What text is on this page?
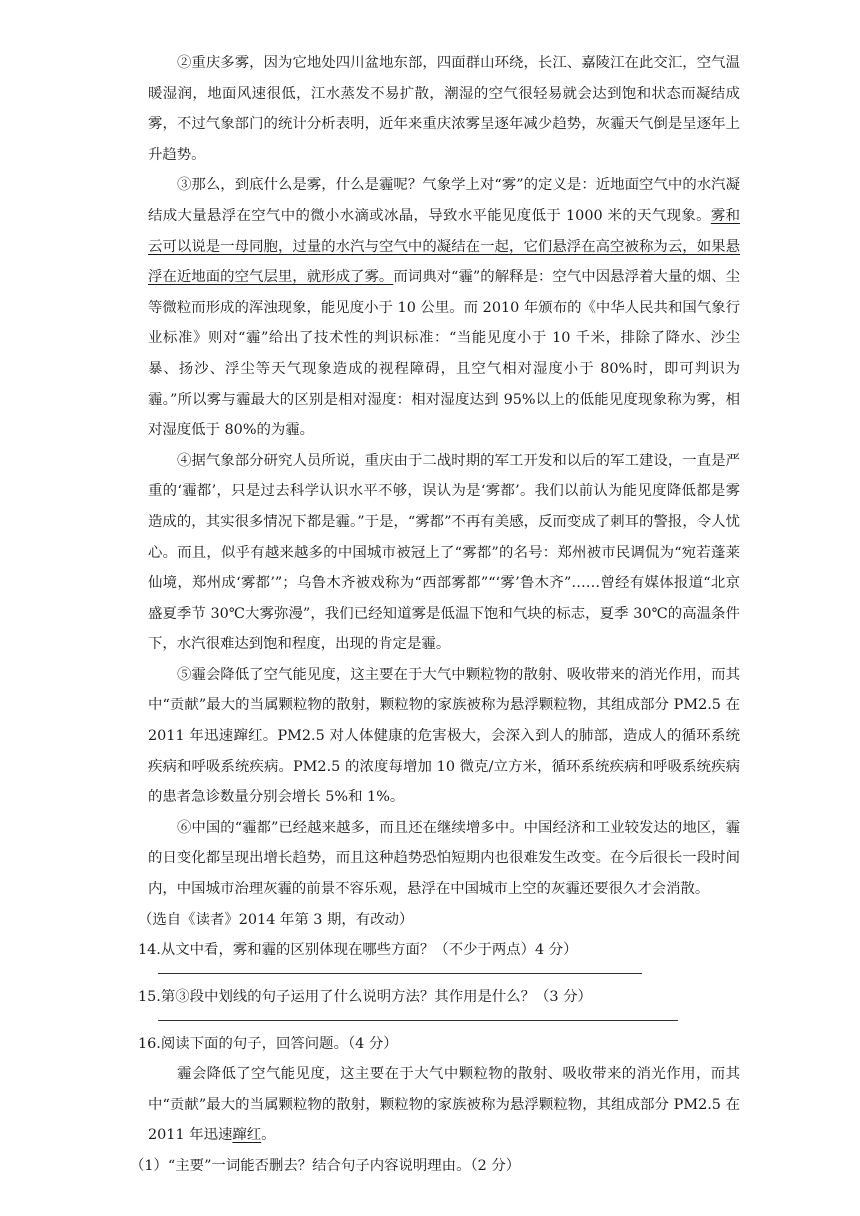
②重庆多雾，因为它地处四川盆地东部，四面群山环绕，长江、嘉陵江在此交汇，空气温暖湿润，地面风速很低，江水蒸发不易扩散，潮湿的空气很轻易就会达到饱和状态而凝结成雾，不过气象部门的统计分析表明，近年来重庆浓雾呈逐年减少趋势，灰霾天气倒是呈逐年上升趋势。

③那么，到底什么是雾，什么是霾呢？气象学上对“雾”的定义是：近地面空气中的水汽凝结成大量悬浮在空气中的微小水滴或冰晶，导致水平能见度低于 1000 米的天气现象。雾和云可以说是一母同胞，过量的水汽与空气中的凝结在一起，它们悬浮在高空被称为云，如果悬浮在近地面的空气层里，就形成了雾。而词典对“霾”的解释是：空气中因悬浮着大量的烟、尘等微粒而形成的浑浊现象，能见度小于 10 公里。而 2010 年颁布的《中华人民共和国气象行业标准》则对“霾”给出了技术性的判识标准：“当能见度小于 10 千米，排除了降水、沙尘暴、扬沙、浮尘等天气现象造成的视程障碍，且空气相对湿度小于 80%时，即可判识为霾。”所以雾与霾最大的区别是相对湿度：相对湿度达到 95%以上的低能见度现象称为雾，相对湿度低于 80%的为霾。

④据气象部分研究人员所说，重庆由于二战时期的军工开发和以后的军工建设，一直是严重的‘霾都’，只是过去科学认识水平不够，误认为是‘雾都’。我们以前认为能见度降低都是雾造成的，其实很多情况下都是霾。”于是，“雾都”不再有美感，反而变成了刺耳的警报，令人忧心。而且，似乎有越来越多的中国城市被冠上了“雾都”的名号：郑州被市民调侃为“宛若蓬莱仙境，郑州成‘雾都’”；乌鲁木齐被戏称为“西部雾都”“‘雾’鲁木齐”……曾经有媒体报道“北京盛夏季节 30℃大雾弥漫”，我们已经知道雾是低温下饱和气块的标志，夏季 30℃的高温条件下，水汽很难达到饱和程度，出现的肯定是霾。

⑤霾会降低了空气能见度，这主要在于大气中颗粒物的散射、吸收带来的消光作用，而其中“贡献”最大的当属颗粒物的散射，颗粒物的家族被称为悬浮颗粒物，其组成部分 PM2.5 在 2011 年迅速蹿红。PM2.5 对人体健康的危害极大，会深入到人的肺部，造成人的循环系统疾病和呼吸系统疾病。PM2.5 的浓度每增加 10 微克/立方米，循环系统疾病和呼吸系统疾病的患者急诊数量分别会增长 5%和 1%。

⑥中国的“霾都”已经越来越多，而且还在继续增多中。中国经济和工业较发达的地区，霾的日变化都呈现出增长趋势，而且这种趋势恐怕短期内也很难发生改变。在今后很长一段时间内，中国城市治理灰霾的前景不容乐观，悬浮在中国城市上空的灰霾还要很久才会消散。

（选自《读者》2014 年第 3 期，有改动）

14.从文中看，雾和霾的区别体现在哪些方面？（不少于两点）4 分）

15.第③段中划线的句子运用了什么说明方法？其作用是什么？（3 分）

16.阅读下面的句子，回答问题。（4 分）

霾会降低了空气能见度，这主要在于大气中颗粒物的散射、吸收带来的消光作用，而其中“贡献”最大的当属颗粒物的散射，颗粒物的家族被称为悬浮颗粒物，其组成部分 PM2.5 在 2011 年迅速蹿红。

（1）“主要”一词能否删去？结合句子内容说明理由。（2 分）
